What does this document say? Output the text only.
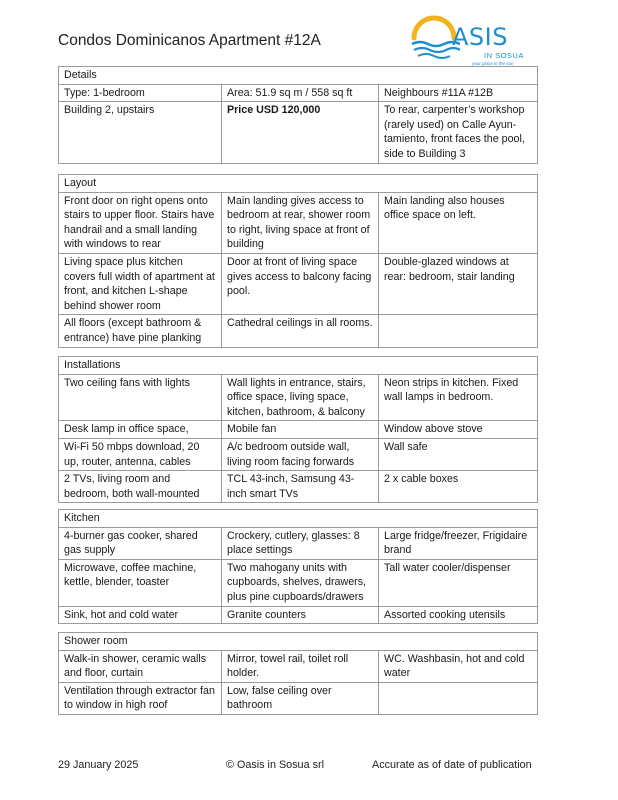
Condos Dominicanos Apartment #12A	ASIS
IN SOSUA
your place in the sun
Details		
Type: 1-bedroom	Area: 51.9 sq m / 558 sq ft	Neighbours #11A #12B
Building 2, upstairs	Price USD 120,000	To rear, carpenter’s workshop (rarely used) on Calle Ayun-tamiento, front faces the pool, side to Building 3
Layout		
Front door on right opens onto stairs to upper floor. Stairs have handrail and a small landing with windows to rear	Main landing gives access to bedroom at rear, shower room to right, living space at front of building	Main landing also houses office space on left.
Living space plus kitchen covers full width of apartment at front, and kitchen L-shape behind shower room	Door at front of living space gives access to balcony facing pool.	Double-glazed windows at rear: bedroom, stair landing
All floors (except bathroom & entrance) have pine planking	Cathedral ceilings in all rooms.	
Installations		
Two ceiling fans with lights	Wall lights in entrance, stairs, office space, living space, kitchen, bathroom, & balcony	Neon strips in kitchen. Fixed wall lamps in bedroom.
Desk lamp in office space,	Mobile fan	Window above stove
Wi-Fi 50 mbps download, 20 up, router, antenna, cables	A/c bedroom outside wall, living room facing forwards	Wall safe
2 TVs, living room and bedroom, both wall-mounted	TCL 43-inch, Samsung 43-inch smart TVs	2 x cable boxes
Kitchen		
4-burner gas cooker, shared gas supply	Crockery, cutlery, glasses: 8 place settings	Large fridge/freezer, Frigidaire brand
Microwave, coffee machine, kettle, blender, toaster	Two mahogany units with cupboards, shelves, drawers, plus pine cupboards/drawers	Tall water cooler/dispenser
Sink, hot and cold water	Granite counters	Assorted cooking utensils
Shower room		
Walk-in shower, ceramic walls and floor, curtain	Mirror, towel rail, toilet roll holder.	WC. Washbasin, hot and cold water
Ventilation through extractor fan to window in high roof	Low, false ceiling over bathroom	
29 January 2025	© Oasis in Sosua srl	Accurate as of date of publication
